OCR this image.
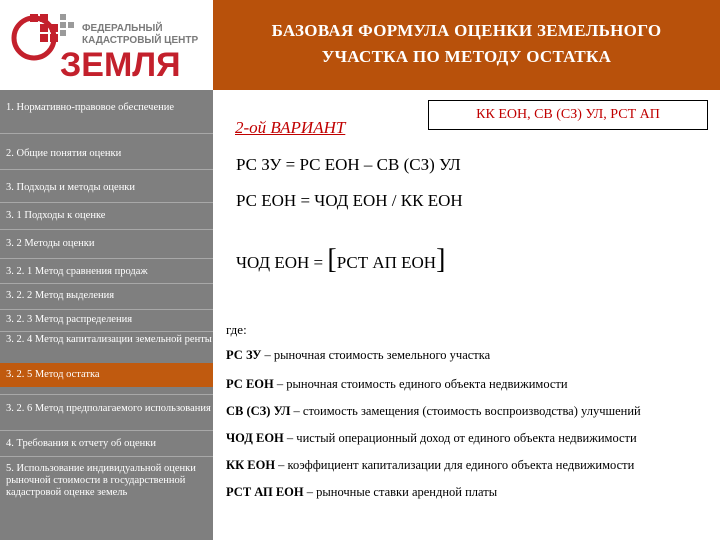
ФЕДЕРАЛЬНЫЙ
КАДАСТРОВЫЙ ЦЕНТР
ЗЕМЛЯ
БАЗОВАЯ ФОРМУЛА ОЦЕНКИ ЗЕМЕЛЬНОГО
УЧАСТКА ПО МЕТОДУ ОСТАТКА
1. Нормативно-правовое обеспечение
2. Общие понятия оценки
3. Подходы и методы оценки
3. 1 Подходы к оценке
3. 2 Методы оценки
3. 2. 1 Метод сравнения продаж
3. 2. 2 Метод выделения
3. 2. 3 Метод распределения
3. 2. 4 Метод капитализации земельной ренты
3. 2. 5 Метод остатка
3. 2. 6 Метод предполагаемого использования
4. Требования к отчету об оценки
5. Использование индивидуальной оценки рыночной стоимости в государственной кадастровой оценке земель
2-ой ВАРИАНТ
КК ЕОН, СВ (СЗ) УЛ, РСТ АП
РС ЗУ = РС ЕОН – СВ (СЗ) УЛ
РС ЕОН = ЧОД ЕОН / КК ЕОН
ЧОД ЕОН = [РСТ АП ЕОН]
где:
РС ЗУ – рыночная стоимость земельного участка
РС ЕОН – рыночная стоимость единого объекта недвижимости
СВ (СЗ) УЛ – стоимость замещения (стоимость воспроизводства) улучшений
ЧОД ЕОН – чистый операционный доход от единого объекта недвижимости
КК ЕОН – коэффициент капитализации для единого объекта недвижимости
РСТ АП ЕОН – рыночные ставки арендной платы
